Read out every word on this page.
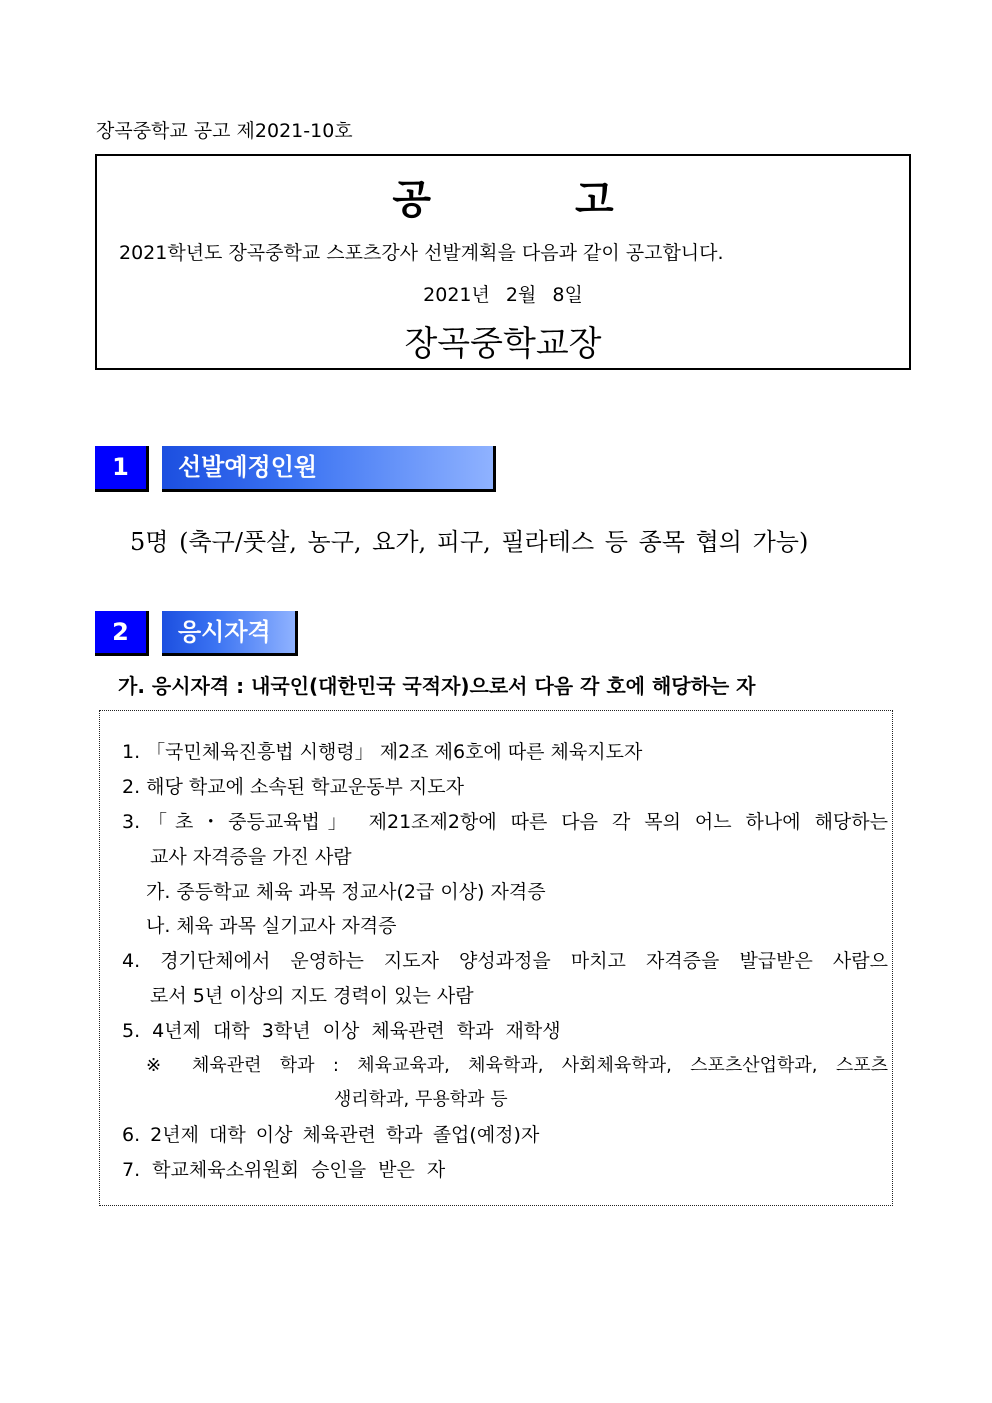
장곡중학교 공고 제2021-10호
공 고
2021학년도 장곡중학교 스포츠강사 선발계획을 다음과 같이 공고합니다.
2021년 2월 8일
장곡중학교장
1	선발예정인원
5명 (축구/풋살, 농구, 요가, 피구, 필라테스 등 종목 협의 가능)
2	응시자격
가. 응시자격 : 내국인(대한민국 국적자)으로서 다음 각 호에 해당하는 자
1. 「국민체육진흥법 시행령」 제2조 제6호에 따른 체육지도자
2. 해당 학교에 소속된 학교운동부 지도자
3.「초・중등교육법」 제21조제2항에 따른 다음 각 목의 어느 하나에 해당하는
교사 자격증을 가진 사람
가. 중등학교 체육 과목 정교사(2급 이상) 자격증
나. 체육 과목 실기교사 자격증
4. 경기단체에서 운영하는 지도자 양성과정을 마치고 자격증을 발급받은 사람으
로서 5년 이상의 지도 경력이 있는 사람
5. 4년제 대학 3학년 이상 체육관련 학과 재학생
※ 체육관련 학과 : 체육교육과, 체육학과, 사회체육학과, 스포츠산업학과, 스포츠
생리학과, 무용학과 등
6. 2년제 대학 이상 체육관련 학과 졸업(예정)자
7. 학교체육소위원회 승인을 받은 자
